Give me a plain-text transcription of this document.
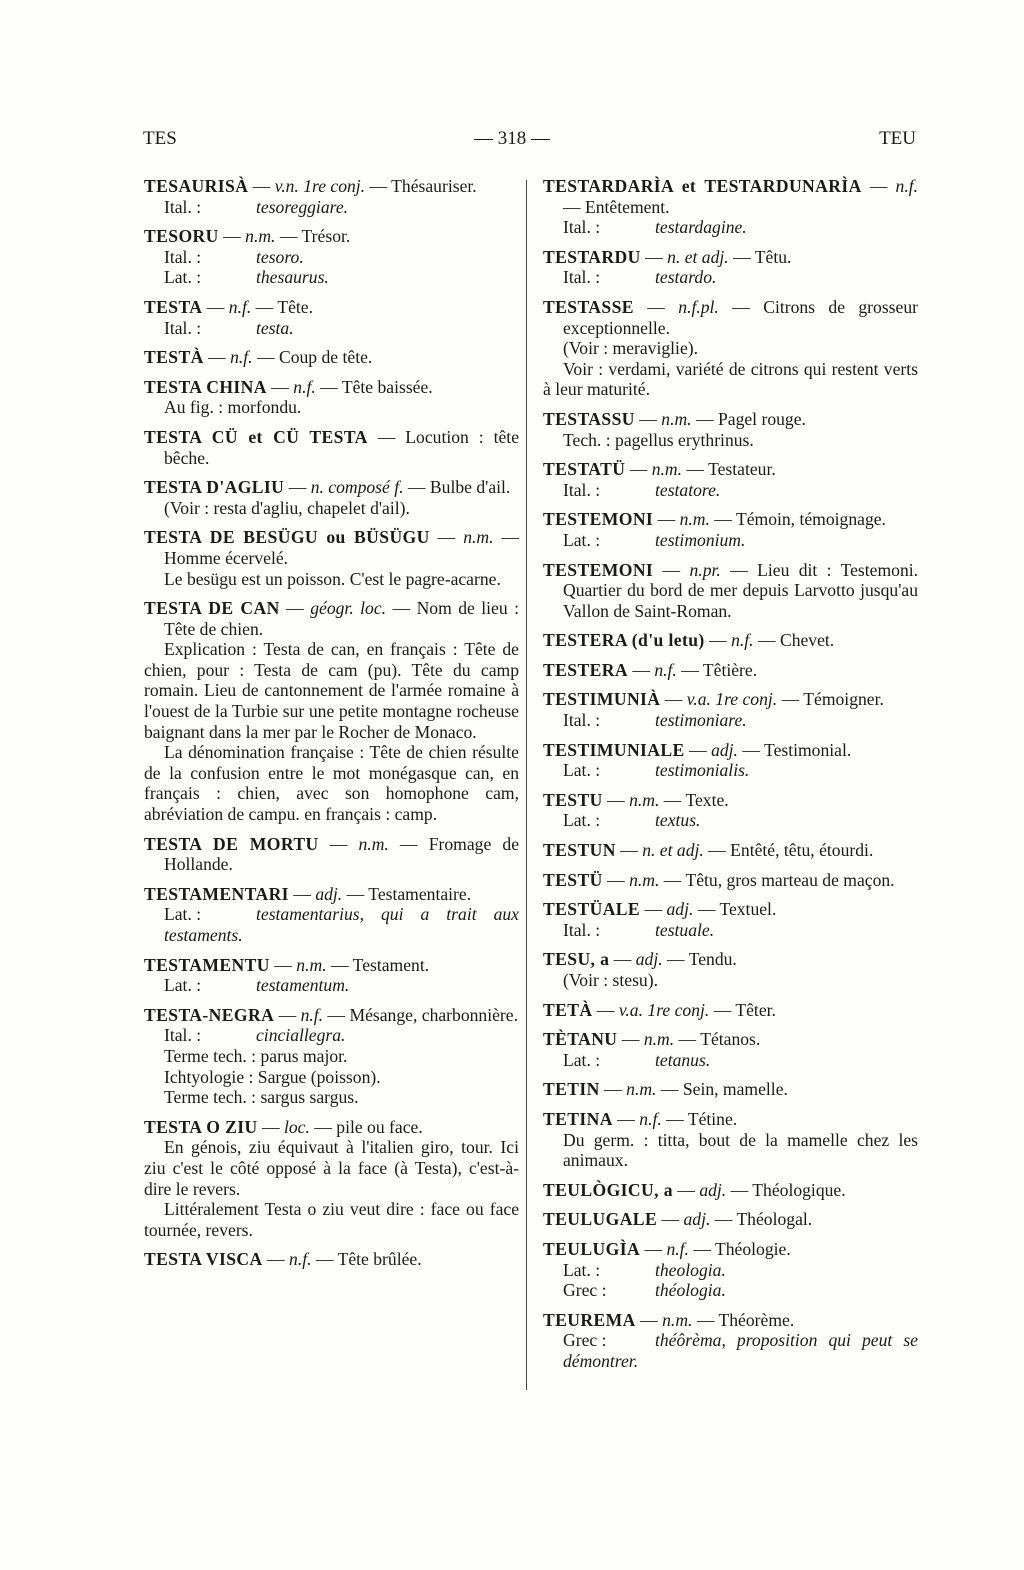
TES	— 318 —	TEU
TESAURISÀ — v.n. 1re conj. — Thésauriser.
Ital. :	tesoreggiare.
TESORU — n.m. — Trésor.
Ital. :	tesoro.
Lat. :	thesaurus.
TESTA — n.f. — Tête.
Ital. :	testa.
TESTÀ — n.f. — Coup de tête.
TESTA CHINA — n.f. — Tête baissée.
Au fig. : morfondu.
TESTA CÜ et CÜ TESTA — Locution : tête bêche.
TESTA D'AGLIU — n. composé f. — Bulbe d'ail.
(Voir : resta d'agliu, chapelet d'ail).
TESTA DE BESÜGU ou BÜSÜGU — n.m. — Homme écervelé.
Le besügu est un poisson. C'est le pagre-acarne.
TESTA DE CAN — géogr. loc. — Nom de lieu : Tête de chien.
Explication : Testa de can, en français : Tête de chien, pour : Testa de cam (pu). Tête du camp romain. Lieu de cantonnement de l'armée romaine à l'ouest de la Turbie sur une petite montagne rocheuse baignant dans la mer par le Rocher de Monaco.
La dénomination française : Tête de chien résulte de la confusion entre le mot monégasque can, en français : chien, avec son homophone cam, abréviation de campu. en français : camp.
TESTA DE MORTU — n.m. — Fromage de Hollande.
TESTAMENTARI — adj. — Testamentaire.
Lat. :	testamentarius, qui a trait aux testaments.
TESTAMENTU — n.m. — Testament.
Lat. :	testamentum.
TESTA-NEGRA — n.f. — Mésange, charbonnière.
Ital. :	cinciallegra.
Terme tech. : parus major.
Ichtyologie : Sargue (poisson).
Terme tech. : sargus sargus.
TESTA O ZIU — loc. — pile ou face.
En génois, ziu équivaut à l'italien giro, tour. Ici ziu c'est le côté opposé à la face (à Testa), c'est-à-dire le revers.
Littéralement Testa o ziu veut dire : face ou face tournée, revers.
TESTA VISCA — n.f. — Tête brûlée.
TESTARDARÌA et TESTARDUNARÌA — n.f. — Entêtement.
Ital. :	testardagine.
TESTARDU — n. et adj. — Têtu.
Ital. :	testardo.
TESTASSE — n.f.pl. — Citrons de grosseur exceptionnelle.
(Voir : meraviglie).
Voir : verdami, variété de citrons qui restent verts à leur maturité.
TESTASSU — n.m. — Pagel rouge.
Tech. : pagellus erythrinus.
TESTATÜ — n.m. — Testateur.
Ital. :	testatore.
TESTEMONI — n.m. — Témoin, témoignage.
Lat. :	testimonium.
TESTEMONI — n.pr. — Lieu dit : Testemoni. Quartier du bord de mer depuis Larvotto jusqu'au Vallon de Saint-Roman.
TESTERA (d'u letu) — n.f. — Chevet.
TESTERA — n.f. — Têtière.
TESTIMUNIÀ — v.a. 1re conj. — Témoigner.
Ital. :	testimoniare.
TESTIMUNIALE — adj. — Testimonial.
Lat. :	testimonialis.
TESTU — n.m. — Texte.
Lat. :	textus.
TESTUN — n. et adj. — Entêté, têtu, étourdi.
TESTÜ — n.m. — Têtu, gros marteau de maçon.
TESTÜALE — adj. — Textuel.
Ital. :	testuale.
TESU, a — adj. — Tendu.
(Voir : stesu).
TETÀ — v.a. 1re conj. — Têter.
TÈTANU — n.m. — Tétanos.
Lat. :	tetanus.
TETIN — n.m. — Sein, mamelle.
TETINA — n.f. — Tétine.
Du germ. : titta, bout de la mamelle chez les animaux.
TEULÒGICU, a — adj. — Théologique.
TEULUGALE — adj. — Théologal.
TEULUGÌA — n.f. — Théologie.
Lat. :	theologia.
Grec :	théologia.
TEUREMA — n.m. — Théorème.
Grec :	théôrèma, proposition qui peut se démontrer.
